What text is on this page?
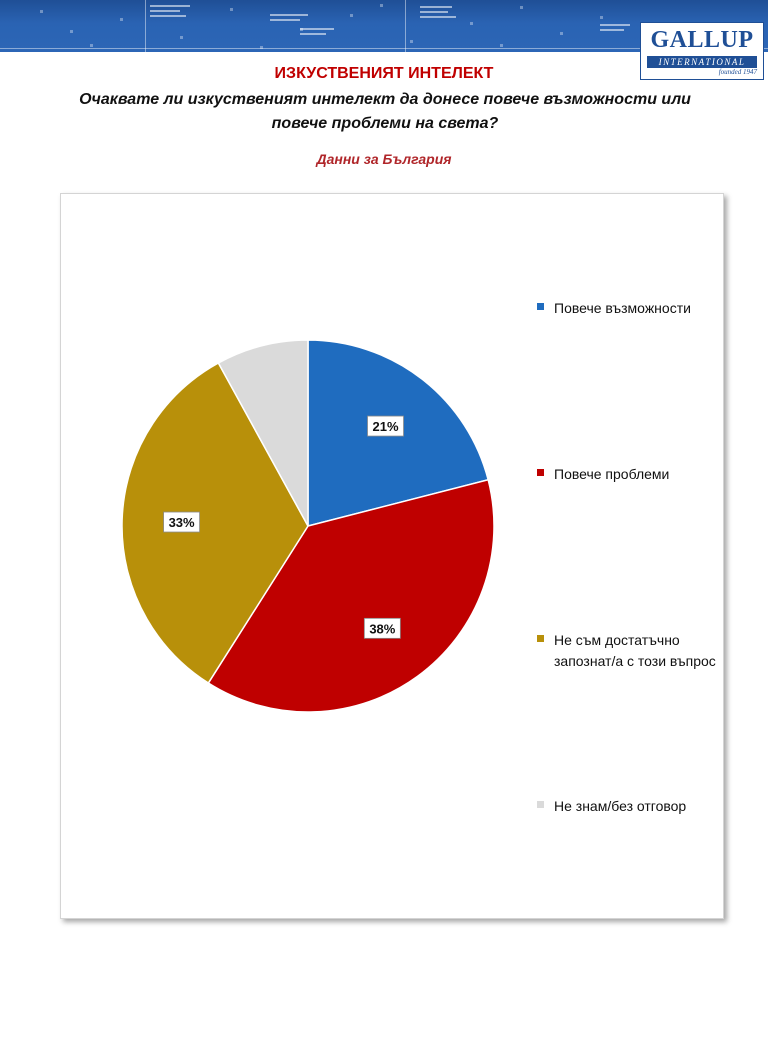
GALLUP
INTERNATIONAL
founded 1947
ИЗКУСТВЕНИЯТ ИНТЕЛЕКТ
Очаквате ли изкуственият интелект да донесе повече възможности или повече проблеми на света?
Данни за България
21%
38%
33%
Повече възможности
Повече проблеми
Не съм достатъчно запознат/а с този въпрос
Не знам/без отговор
